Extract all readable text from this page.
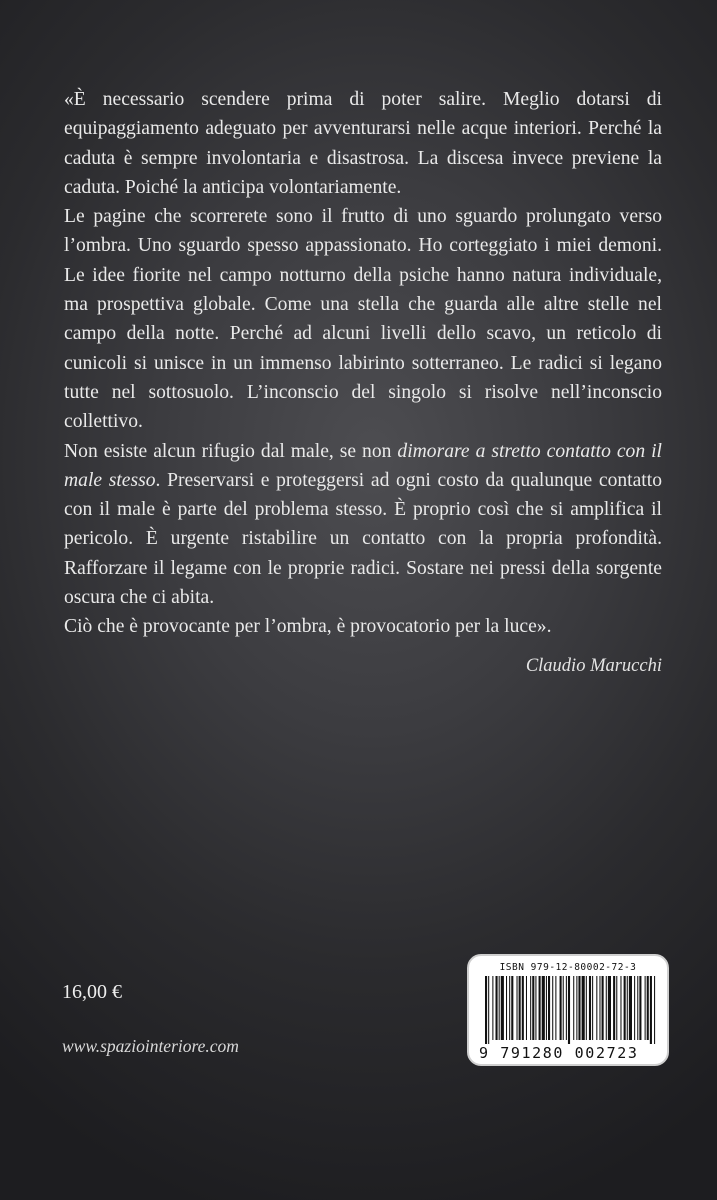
«È necessario scendere prima di poter salire. Meglio dotarsi di equipaggiamento adeguato per avventurarsi nelle acque interiori. Perché la caduta è sempre involontaria e disastrosa. La discesa invece previene la caduta. Poiché la anticipa volontariamente.

Le pagine che scorrerete sono il frutto di uno sguardo prolungato verso l’ombra. Uno sguardo spesso appassionato. Ho corteggiato i miei demoni. Le idee fiorite nel campo notturno della psiche hanno natura individuale, ma prospettiva globale. Come una stella che guarda alle altre stelle nel campo della notte. Perché ad alcuni livelli dello scavo, un reticolo di cunicoli si unisce in un immenso labirinto sotterraneo. Le radici si legano tutte nel sottosuolo. L’inconscio del singolo si risolve nell’inconscio collettivo.

Non esiste alcun rifugio dal male, se non dimorare a stretto contatto con il male stesso. Preservarsi e proteggersi ad ogni costo da qualunque contatto con il male è parte del problema stesso. È proprio così che si amplifica il pericolo. È urgente ristabilire un contatto con la propria profondità. Rafforzare il legame con le proprie radici. Sostare nei pressi della sorgente oscura che ci abita.

Ciò che è provocante per l’ombra, è provocatorio per la luce».

Claudio Marucchi
16,00 €
www.spaziointeriore.com
ISBN 979-12-80002-72-3
9 791280 002723
